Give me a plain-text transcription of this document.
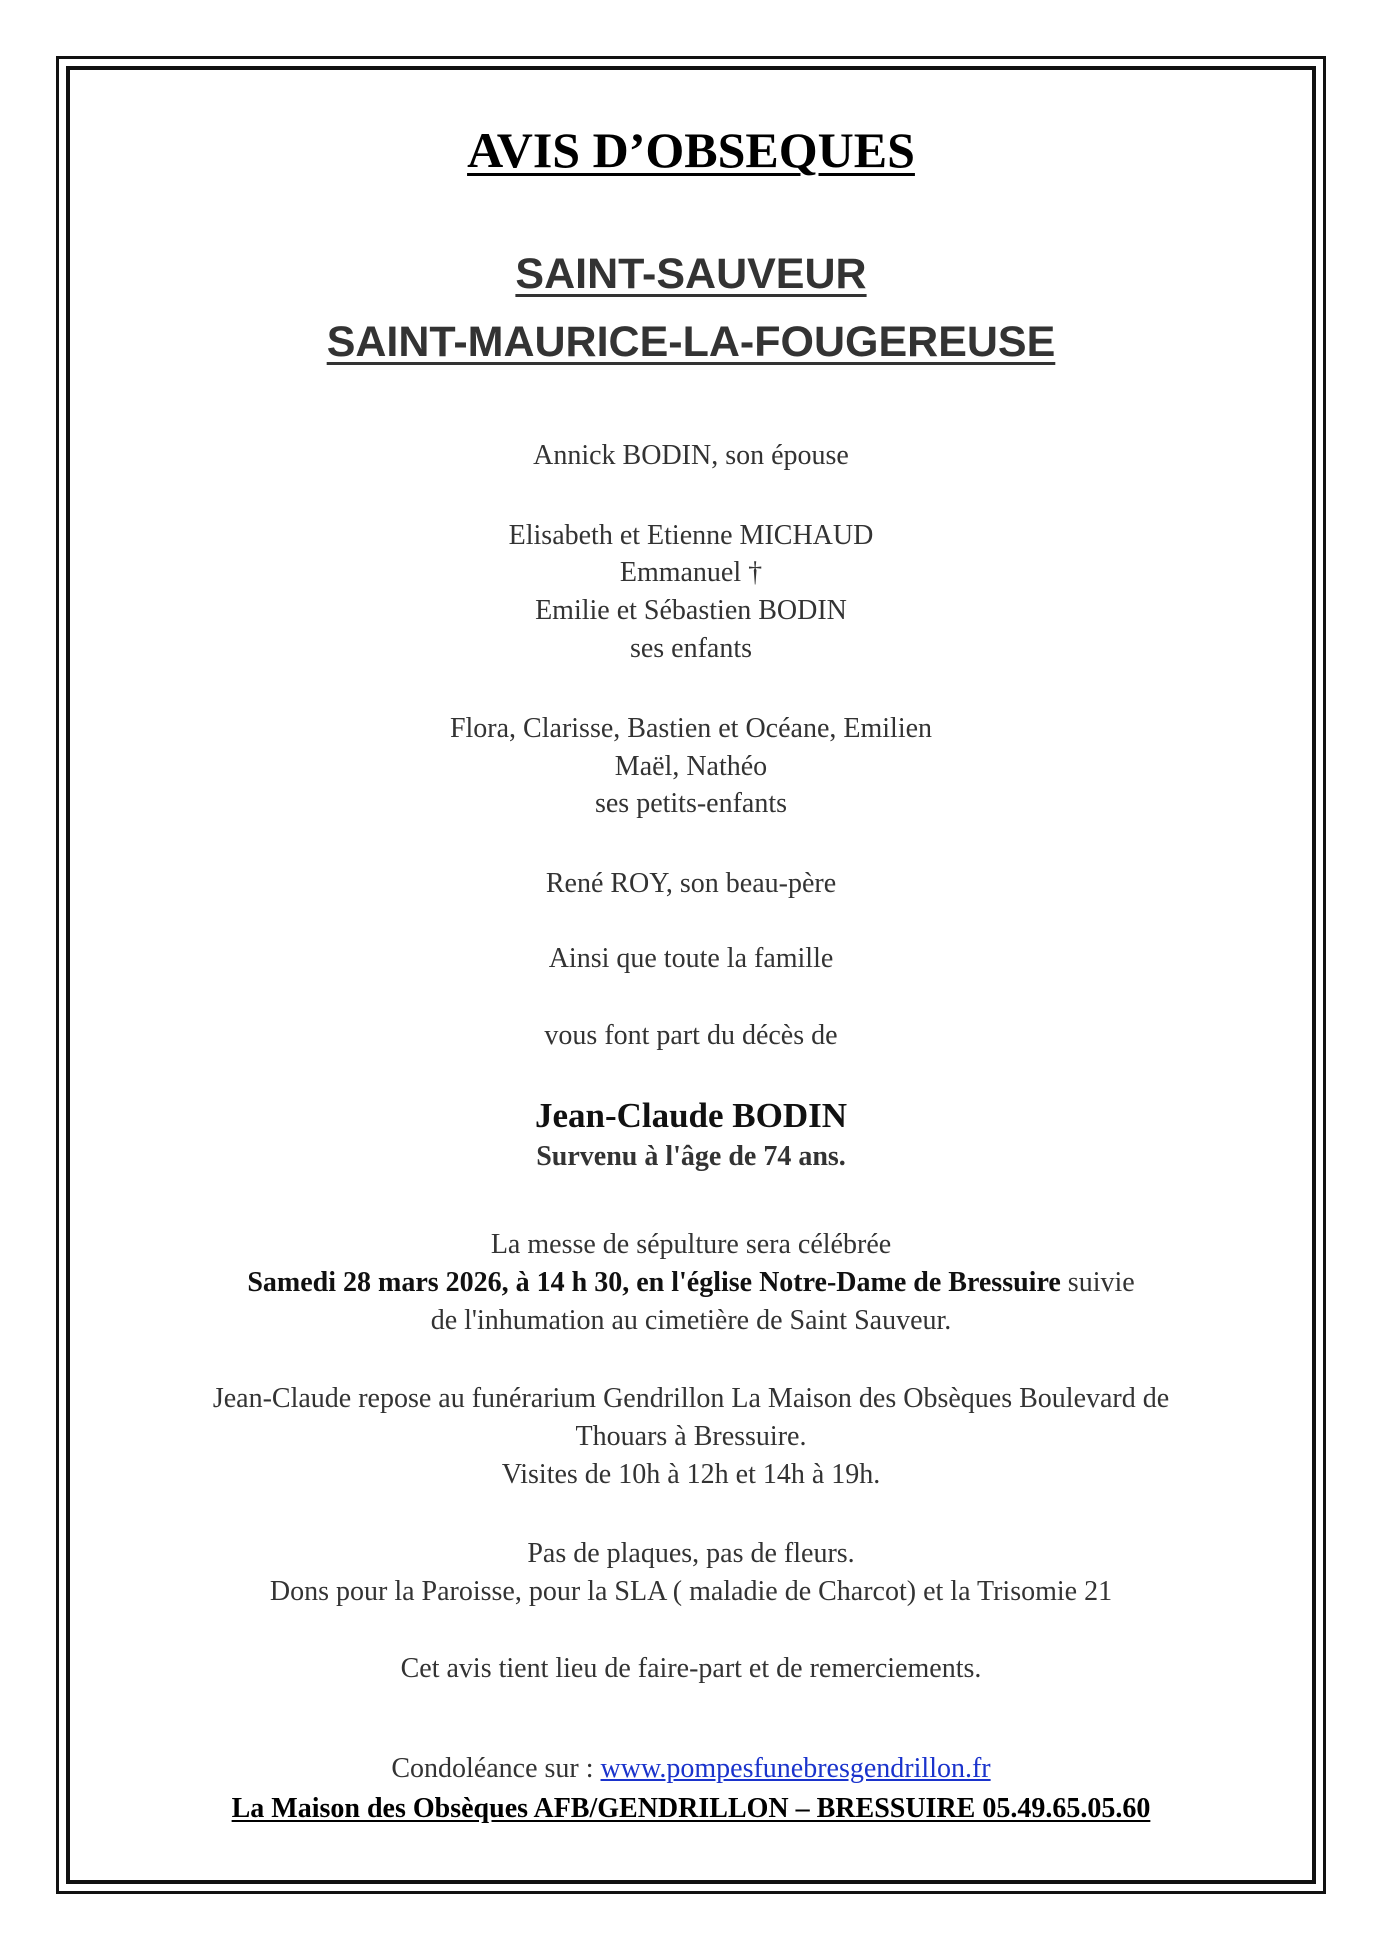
AVIS D’OBSEQUES
SAINT-SAUVEUR
SAINT-MAURICE-LA-FOUGEREUSE
Annick BODIN, son épouse
Elisabeth et Etienne MICHAUD
Emmanuel †
Emilie et Sébastien BODIN
ses enfants
Flora, Clarisse, Bastien et Océane, Emilien
Maël, Nathéo
ses petits-enfants
René ROY, son beau-père
Ainsi que toute la famille
vous font part du décès de
Jean-Claude BODIN
Survenu à l'âge de 74 ans.
La messe de sépulture sera célébrée
Samedi 28 mars 2026, à 14 h 30, en l'église Notre-Dame de Bressuire suivie
de l'inhumation au cimetière de Saint Sauveur.
Jean-Claude repose au funérarium Gendrillon La Maison des Obsèques Boulevard de
Thouars à Bressuire.
Visites de 10h à 12h et 14h à 19h.
Pas de plaques, pas de fleurs.
Dons pour la Paroisse, pour la SLA ( maladie de Charcot) et la Trisomie 21
Cet avis tient lieu de faire-part et de remerciements.
Condoléance sur : www.pompesfunebresgendrillon.fr
La Maison des Obsèques AFB/GENDRILLON – BRESSUIRE 05.49.65.05.60
